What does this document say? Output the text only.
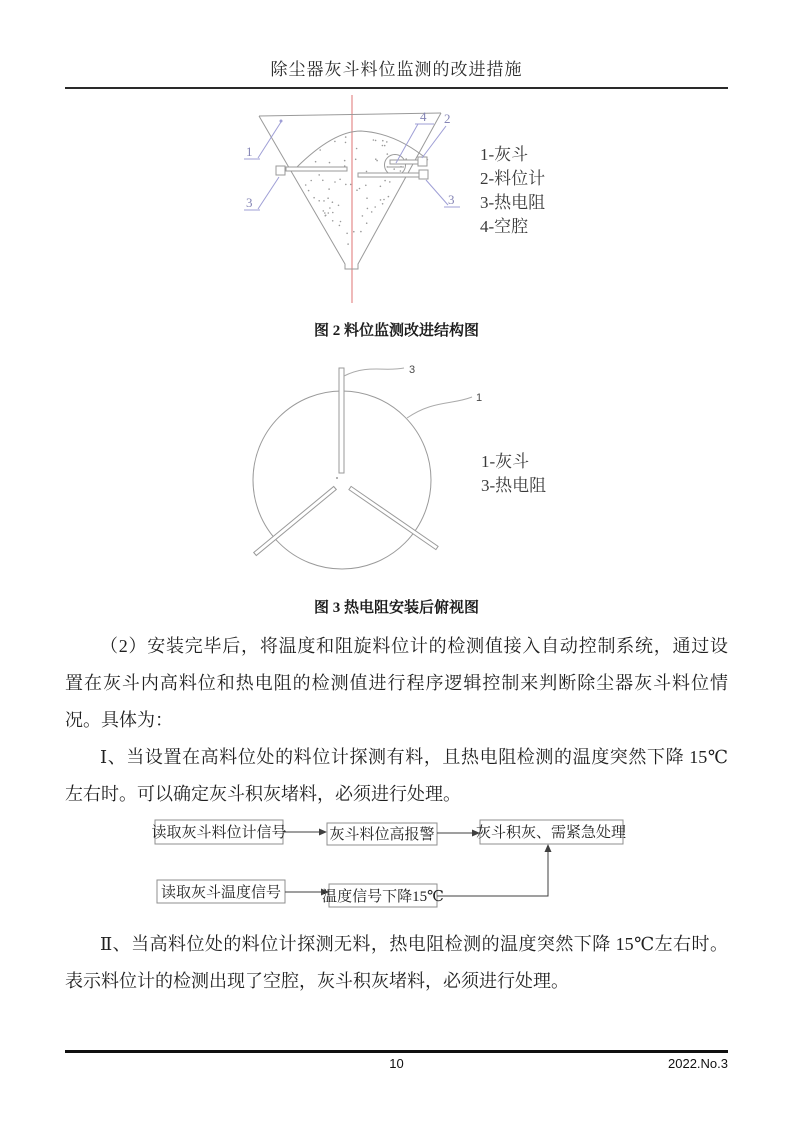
除尘器灰斗料位监测的改进措施
1
3	3
4 2
1-灰斗
2-料位计
3-热电阻
4-空腔
图 2 料位监测改进结构图
3
1
1-灰斗
3-热电阻
图 3 热电阻安装后俯视图
（2）安装完毕后，将温度和阻旋料位计的检测值接入自动控制系统，通过设
置在灰斗内高料位和热电阻的检测值进行程序逻辑控制来判断除尘器灰斗料位情
况。具体为：
Ⅰ、当设置在高料位处的料位计探测有料，且热电阻检测的温度突然下降 15℃
左右时。可以确定灰斗积灰堵料，必须进行处理。
读取灰斗料位计信号	灰斗料位高报警	灰斗积灰、需紧急处理
读取灰斗温度信号	温度信号下降15℃
Ⅱ、当高料位处的料位计探测无料，热电阻检测的温度突然下降 15℃左右时。
表示料位计的检测出现了空腔，灰斗积灰堵料，必须进行处理。
10	2022.No.3
